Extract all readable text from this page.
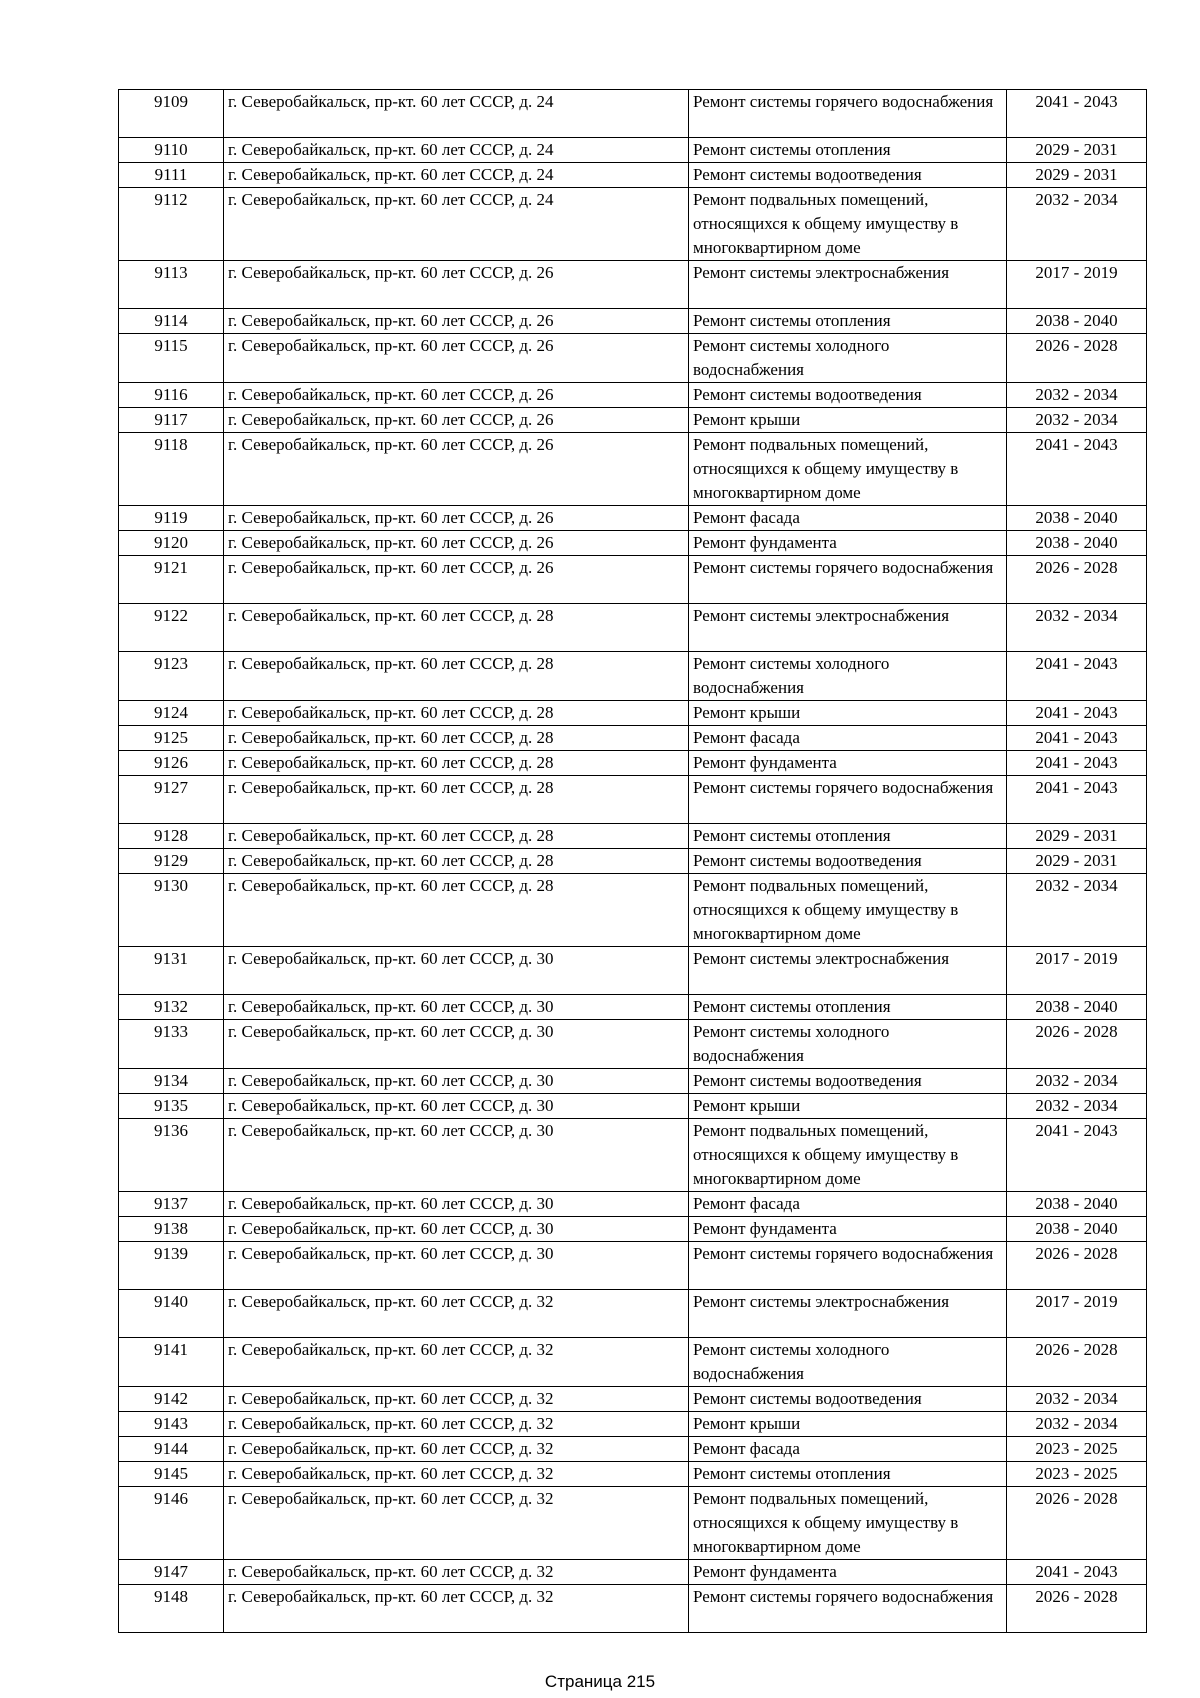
9109	г. Северобайкальск, пр-кт. 60 лет СССР, д. 24	Ремонт системы горячего водоснабжения	2041 - 2043
9110	г. Северобайкальск, пр-кт. 60 лет СССР, д. 24	Ремонт системы отопления	2029 - 2031
9111	г. Северобайкальск, пр-кт. 60 лет СССР, д. 24	Ремонт системы водоотведения	2029 - 2031
9112	г. Северобайкальск, пр-кт. 60 лет СССР, д. 24	Ремонт подвальных помещений, относящихся к общему имуществу в многоквартирном доме	2032 - 2034
9113	г. Северобайкальск, пр-кт. 60 лет СССР, д. 26	Ремонт системы электроснабжения	2017 - 2019
9114	г. Северобайкальск, пр-кт. 60 лет СССР, д. 26	Ремонт системы отопления	2038 - 2040
9115	г. Северобайкальск, пр-кт. 60 лет СССР, д. 26	Ремонт системы холодного водоснабжения	2026 - 2028
9116	г. Северобайкальск, пр-кт. 60 лет СССР, д. 26	Ремонт системы водоотведения	2032 - 2034
9117	г. Северобайкальск, пр-кт. 60 лет СССР, д. 26	Ремонт крыши	2032 - 2034
9118	г. Северобайкальск, пр-кт. 60 лет СССР, д. 26	Ремонт подвальных помещений, относящихся к общему имуществу в многоквартирном доме	2041 - 2043
9119	г. Северобайкальск, пр-кт. 60 лет СССР, д. 26	Ремонт фасада	2038 - 2040
9120	г. Северобайкальск, пр-кт. 60 лет СССР, д. 26	Ремонт фундамента	2038 - 2040
9121	г. Северобайкальск, пр-кт. 60 лет СССР, д. 26	Ремонт системы горячего водоснабжения	2026 - 2028
9122	г. Северобайкальск, пр-кт. 60 лет СССР, д. 28	Ремонт системы электроснабжения	2032 - 2034
9123	г. Северобайкальск, пр-кт. 60 лет СССР, д. 28	Ремонт системы холодного водоснабжения	2041 - 2043
9124	г. Северобайкальск, пр-кт. 60 лет СССР, д. 28	Ремонт крыши	2041 - 2043
9125	г. Северобайкальск, пр-кт. 60 лет СССР, д. 28	Ремонт фасада	2041 - 2043
9126	г. Северобайкальск, пр-кт. 60 лет СССР, д. 28	Ремонт фундамента	2041 - 2043
9127	г. Северобайкальск, пр-кт. 60 лет СССР, д. 28	Ремонт системы горячего водоснабжения	2041 - 2043
9128	г. Северобайкальск, пр-кт. 60 лет СССР, д. 28	Ремонт системы отопления	2029 - 2031
9129	г. Северобайкальск, пр-кт. 60 лет СССР, д. 28	Ремонт системы водоотведения	2029 - 2031
9130	г. Северобайкальск, пр-кт. 60 лет СССР, д. 28	Ремонт подвальных помещений, относящихся к общему имуществу в многоквартирном доме	2032 - 2034
9131	г. Северобайкальск, пр-кт. 60 лет СССР, д. 30	Ремонт системы электроснабжения	2017 - 2019
9132	г. Северобайкальск, пр-кт. 60 лет СССР, д. 30	Ремонт системы отопления	2038 - 2040
9133	г. Северобайкальск, пр-кт. 60 лет СССР, д. 30	Ремонт системы холодного водоснабжения	2026 - 2028
9134	г. Северобайкальск, пр-кт. 60 лет СССР, д. 30	Ремонт системы водоотведения	2032 - 2034
9135	г. Северобайкальск, пр-кт. 60 лет СССР, д. 30	Ремонт крыши	2032 - 2034
9136	г. Северобайкальск, пр-кт. 60 лет СССР, д. 30	Ремонт подвальных помещений, относящихся к общему имуществу в многоквартирном доме	2041 - 2043
9137	г. Северобайкальск, пр-кт. 60 лет СССР, д. 30	Ремонт фасада	2038 - 2040
9138	г. Северобайкальск, пр-кт. 60 лет СССР, д. 30	Ремонт фундамента	2038 - 2040
9139	г. Северобайкальск, пр-кт. 60 лет СССР, д. 30	Ремонт системы горячего водоснабжения	2026 - 2028
9140	г. Северобайкальск, пр-кт. 60 лет СССР, д. 32	Ремонт системы электроснабжения	2017 - 2019
9141	г. Северобайкальск, пр-кт. 60 лет СССР, д. 32	Ремонт системы холодного водоснабжения	2026 - 2028
9142	г. Северобайкальск, пр-кт. 60 лет СССР, д. 32	Ремонт системы водоотведения	2032 - 2034
9143	г. Северобайкальск, пр-кт. 60 лет СССР, д. 32	Ремонт крыши	2032 - 2034
9144	г. Северобайкальск, пр-кт. 60 лет СССР, д. 32	Ремонт фасада	2023 - 2025
9145	г. Северобайкальск, пр-кт. 60 лет СССР, д. 32	Ремонт системы отопления	2023 - 2025
9146	г. Северобайкальск, пр-кт. 60 лет СССР, д. 32	Ремонт подвальных помещений, относящихся к общему имуществу в многоквартирном доме	2026 - 2028
9147	г. Северобайкальск, пр-кт. 60 лет СССР, д. 32	Ремонт фундамента	2041 - 2043
9148	г. Северобайкальск, пр-кт. 60 лет СССР, д. 32	Ремонт системы горячего водоснабжения	2026 - 2028
Страница 215
